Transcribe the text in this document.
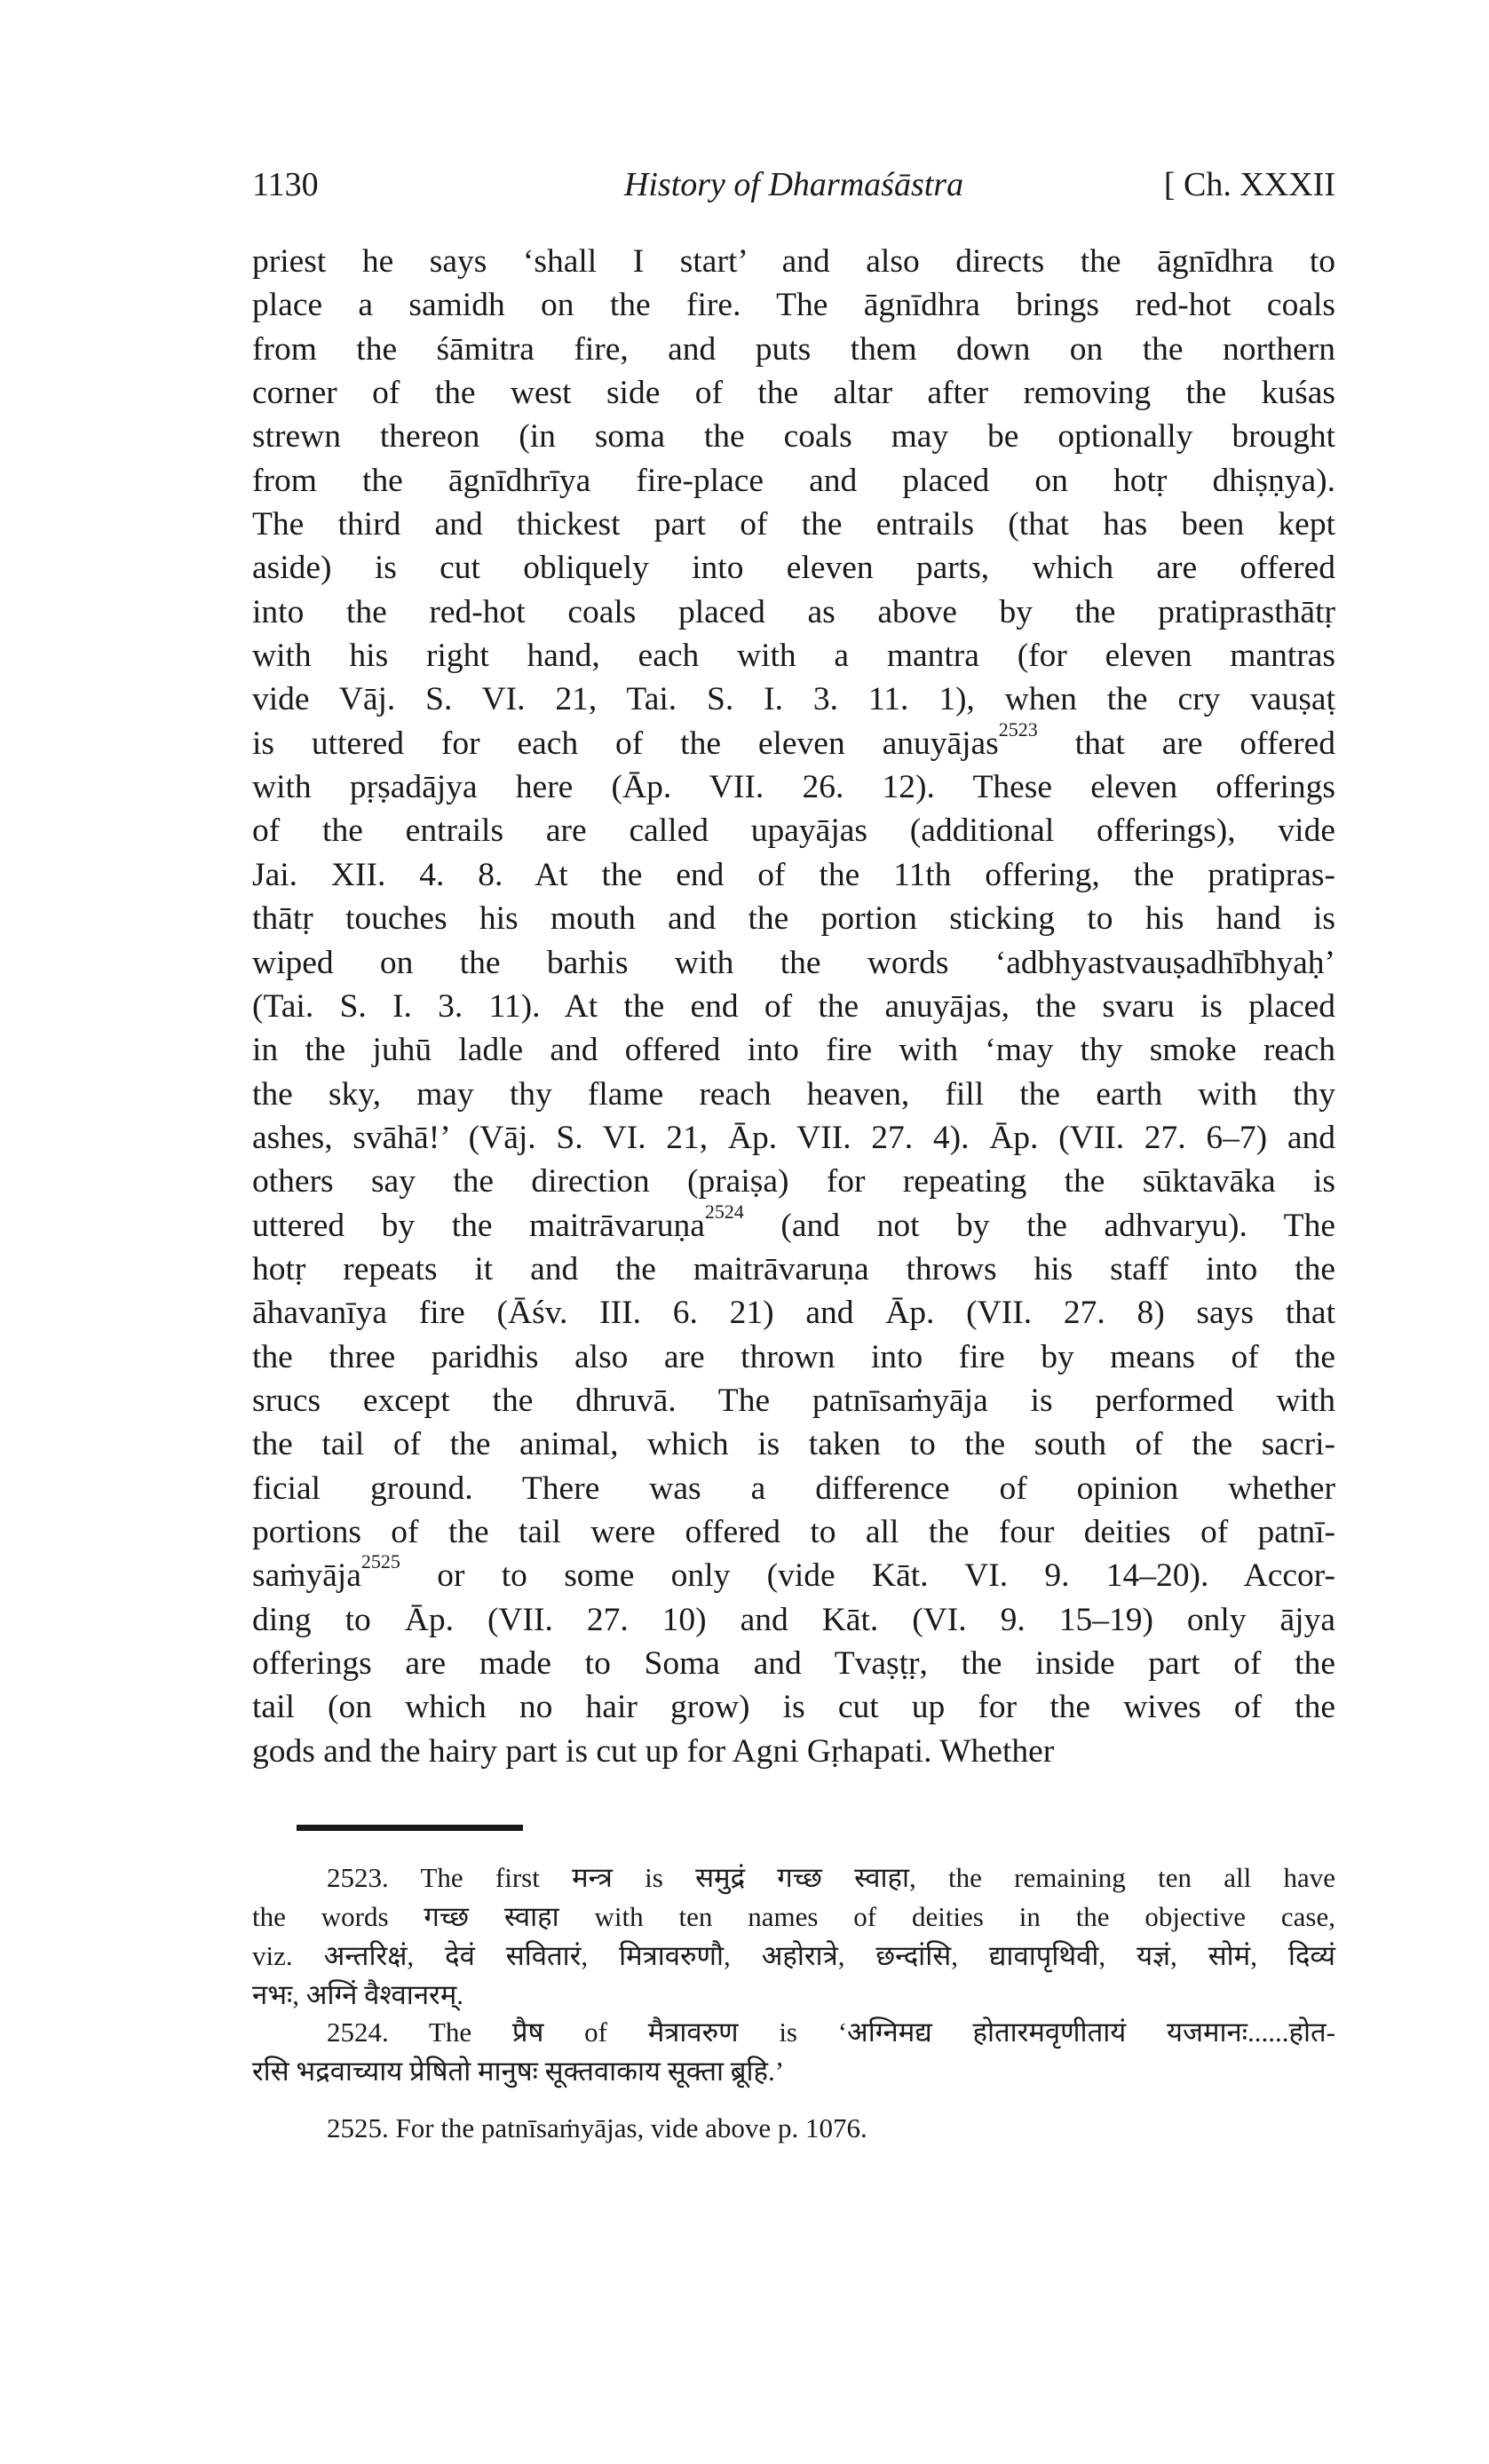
1130	History of Dharmaśāstra	[ Ch. XXXII
priest he says ‘shall I start’ and also directs the āgnīdhra to
place a samidh on the fire. The āgnīdhra brings red-hot coals
from the śāmitra fire, and puts them down on the northern
corner of the west side of the altar after removing the kuśas
strewn thereon (in soma the coals may be optionally brought
from the āgnīdhrīya fire-place and placed on hotṛ dhiṣṇya).
The third and thickest part of the entrails (that has been kept
aside) is cut obliquely into eleven parts, which are offered
into the red-hot coals placed as above by the pratiprasthātṛ
with his right hand, each with a mantra (for eleven mantras
vide Vāj. S. VI. 21, Tai. S. I. 3. 11. 1), when the cry vauṣaṭ
is uttered for each of the eleven anuyājas$^{2523}$ that are offered
with pṛṣadājya here (Āp. VII. 26. 12). These eleven offerings
of the entrails are called upayājas (additional offerings), vide
Jai. XII. 4. 8. At the end of the 11th offering, the pratipras-
thātṛ touches his mouth and the portion sticking to his hand is
wiped on the barhis with the words ‘adbhyastvauṣadhībhyaḥ’
(Tai. S. I. 3. 11). At the end of the anuyājas, the svaru is placed
in the juhū ladle and offered into fire with ‘may thy smoke reach
the sky, may thy flame reach heaven, fill the earth with thy
ashes, svāhā!’ (Vāj. S. VI. 21, Āp. VII. 27. 4). Āp. (VII. 27. 6–7) and
others say the direction (praiṣa) for repeating the sūktavāka is
uttered by the maitrāvaruṇa$^{2524}$ (and not by the adhvaryu). The
hotṛ repeats it and the maitrāvaruṇa throws his staff into the
āhavanīya fire (Āśv. III. 6. 21) and Āp. (VII. 27. 8) says that
the three paridhis also are thrown into fire by means of the
srucs except the dhruvā. The patnīsaṁyāja is performed with
the tail of the animal, which is taken to the south of the sacri-
ficial ground. There was a difference of opinion whether
portions of the tail were offered to all the four deities of patnī-
saṁyāja$^{2525}$ or to some only (vide Kāt. VI. 9. 14–20). Accor-
ding to Āp. (VII. 27. 10) and Kāt. (VI. 9. 15–19) only ājya
offerings are made to Soma and Tvaṣṭṛ, the inside part of the
tail (on which no hair grow) is cut up for the wives of the
gods and the hairy part is cut up for Agni Gṛhapati. Whether
2523. The first मन्त्र is समुद्रं गच्छ स्वाहा, the remaining ten all have
the words गच्छ स्वाहा with ten names of deities in the objective case,
viz. अन्तरिक्षं, देवं सवितारं, मित्रावरुणौ, अहोरात्रे, छन्दांसि, द्यावापृथिवी, यज्ञं, सोमं, दिव्यं
नभः, अग्निं वैश्वानरम्.
2524. The प्रैष of मैत्रावरुण is ‘अग्निमद्य होतारमवृणीतायं यजमानः......होत-
रसि भद्रवाच्याय प्रेषितो मानुषः सूक्तवाकाय सूक्ता ब्रूहि.’
2525. For the patnīsaṁyājas, vide above p. 1076.
